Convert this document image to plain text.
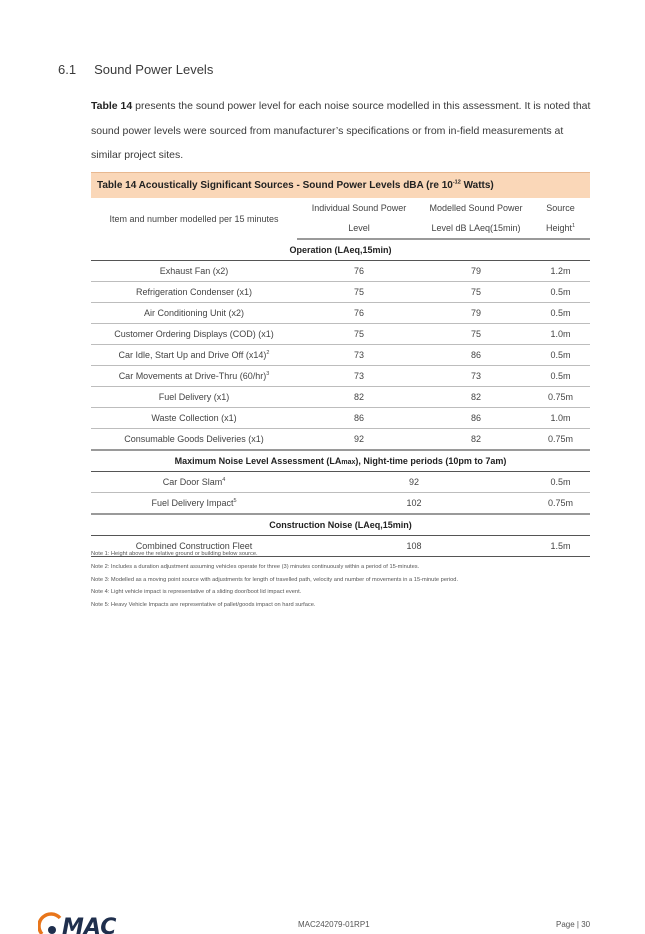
6.1 Sound Power Levels
Table 14 presents the sound power level for each noise source modelled in this assessment. It is noted that sound power levels were sourced from manufacturer’s specifications or from in-field measurements at similar project sites.
Table 14 Acoustically Significant Sources - Sound Power Levels dBA (re $10^{-12}$ Watts)			
Item and number modelled per 15 minutes	Individual Sound Power	Modelled Sound Power	Source
	Level	Level dB LAeq(15min)	Height$^1$
Operation (LAeq,15min)			
Exhaust Fan (x2)	76	79	1.2m
Refrigeration Condenser (x1)	75	75	0.5m
Air Conditioning Unit (x2)	76	79	0.5m
Customer Ordering Displays (COD) (x1)	75	75	1.0m
Car Idle, Start Up and Drive Off $(x14)^2$	73	86	0.5m
Car Movements at Drive-Thru $(60/hr)^3$	73	73	0.5m
Fuel Delivery (x1)	82	82	0.75m
Waste Collection (x1)	86	86	1.0m
Consumable Goods Deliveries (x1)	92	82	0.75m
Maximum Noise Level Assessment (LAmax), Night-time periods (10pm to 7am)			
Car Door Slam$^4$	92		0.5m
Fuel Delivery Impact$^5$	102		0.75m
Construction Noise (LAeq,15min)			
Combined Construction Fleet	108		1.5m
Note 1: Height above the relative ground or building below source.
Note 2: Includes a duration adjustment assuming vehicles operate for three (3) minutes continuously within a period of 15-minutes.
Note 3: Modelled as a moving point source with adjustments for length of travelled path, velocity and number of movements in a 15-minute period.
Note 4: Light vehicle impact is representative of a sliding door/boot lid impact event.
Note 5: Heavy Vehicle Impacts are representative of pallet/goods impact on hard surface.
MAC	MAC242079-01RP1	Page | 30
